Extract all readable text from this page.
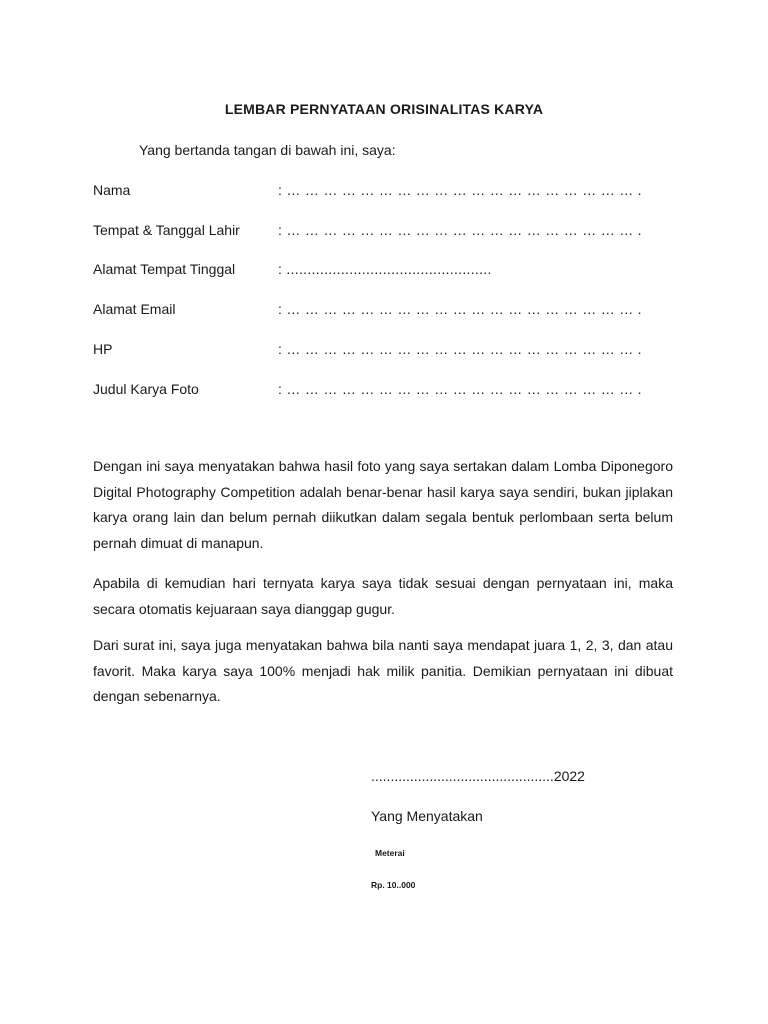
LEMBAR PERNYATAAN ORISINALITAS KARYA
Yang bertanda tangan di bawah ini, saya:
Nama	: … … … … … … … … … … … … … … … … … … … .
Tempat & Tanggal Lahir	: … … … … … … … … … … … … … … … … … … … .
Alamat Tempat Tinggal	: .................................................
Alamat Email	: … … … … … … … … … … … … … … … … … … … .
HP	: … … … … … … … … … … … … … … … … … … … .
Judul Karya Foto	: … … … … … … … … … … … … … … … … … … … .

Dengan ini saya menyatakan bahwa hasil foto yang saya sertakan dalam Lomba Diponegoro Digital Photography Competition adalah benar-benar hasil karya saya sendiri, bukan jiplakan karya orang lain dan belum pernah diikutkan dalam segala bentuk perlombaan serta belum pernah dimuat di manapun.

Apabila di kemudian hari ternyata karya saya tidak sesuai dengan pernyataan ini, maka secara otomatis kejuaraan saya dianggap gugur.

Dari surat ini, saya juga menyatakan bahwa bila nanti saya mendapat juara 1, 2, 3, dan atau favorit. Maka karya saya 100% menjadi hak milik panitia. Demikian pernyataan ini dibuat dengan sebenarnya.

...............................................2022
Yang Menyatakan
Meterai
Rp. 10..000
